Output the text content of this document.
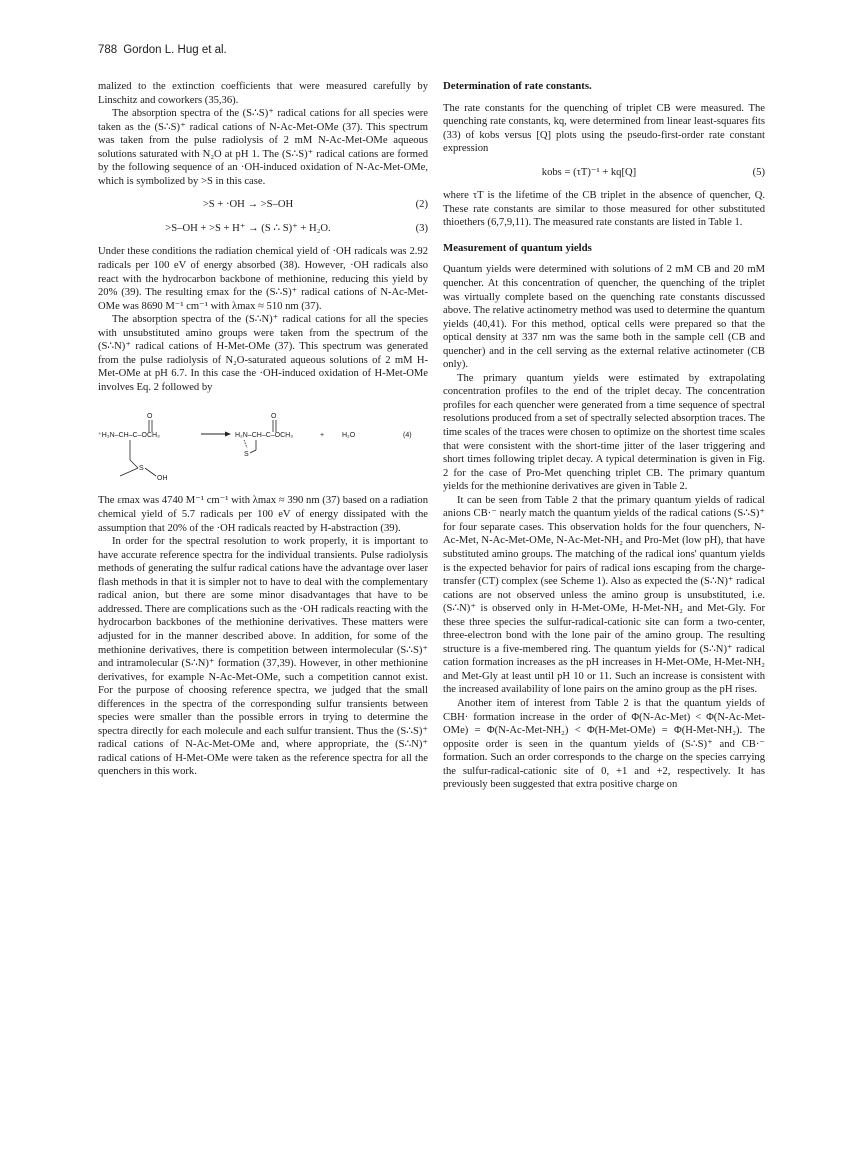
788 Gordon L. Hug et al.

malized to the extinction coefficients that were measured carefully by Linschitz and coworkers (35,36).

The absorption spectra of the (S∴S)⁺ radical cations for all species were taken as the (S∴S)⁺ radical cations of N-Ac-Met-OMe (37). This spectrum was taken from the pulse radiolysis of 2 mM N-Ac-Met-OMe aqueous solutions saturated with N₂O at pH 1. The (S∴S)⁺ radical cations are formed by the following sequence of an ·OH-induced oxidation of N-Ac-Met-OMe, which is symbolized by >S in this case.

>S + ·OH → >S–OH	(2)
>S–OH + >S + H⁺ → (S ∴ S)⁺ + H₂O.	(3)

Under these conditions the radiation chemical yield of ·OH radicals was 2.92 radicals per 100 eV of energy absorbed (38). However, ·OH radicals also react with the hydrocarbon backbone of methionine, reducing this yield by 20% (39). The resulting εmax for the (S∴S)⁺ radical cations of N-Ac-Met-OMe was 8690 M⁻¹ cm⁻¹ with λmax ≈ 510 nm (37).

The absorption spectra of the (S∴N)⁺ radical cations for all the species with unsubstituted amino groups were taken from the spectrum of the (S∴N)⁺ radical cations of H-Met-OMe (37). This spectrum was generated from the pulse radiolysis of N₂O-saturated aqueous solutions of 2 mM H-Met-OMe at pH 6.7. In this case the ·OH-induced oxidation of H-Met-OMe involves Eq. 2 followed by

⁺H₃N–CH–C–OCH₃
O
S
OH
H₂N–CH–C–OCH₃
O
S
+	H₂O	(4)

The εmax was 4740 M⁻¹ cm⁻¹ with λmax ≈ 390 nm (37) based on a radiation chemical yield of 5.7 radicals per 100 eV of energy dissipated with the assumption that 20% of the ·OH radicals reacted by H-abstraction (39).

In order for the spectral resolution to work properly, it is important to have accurate reference spectra for the individual transients. Pulse radiolysis methods of generating the sulfur radical cations have the advantage over laser flash methods in that it is simpler not to have to deal with the complementary radical anion, but there are some minor disadvantages that have to be addressed. There are complications such as the ·OH radicals reacting with the hydrocarbon backbones of the methionine derivatives. These matters were adjusted for in the manner described above. In addition, for some of the methionine derivatives, there is competition between intermolecular (S∴S)⁺ and intramolecular (S∴N)⁺ formation (37,39). However, in other methionine derivatives, for example N-Ac-Met-OMe, such a competition cannot exist. For the purpose of choosing reference spectra, we judged that the small differences in the spectra of the corresponding sulfur transients between species were smaller than the possible errors in trying to determine the spectra directly for each molecule and each sulfur transient. Thus the (S∴S)⁺ radical cations of N-Ac-Met-OMe and, where appropriate, the (S∴N)⁺ radical cations of H-Met-OMe were taken as the reference spectra for all the quenchers in this work.

Determination of rate constants.

The rate constants for the quenching of triplet CB were measured. The quenching rate constants, kq, were determined from linear least-squares fits (33) of kobs versus [Q] plots using the pseudo-first-order rate constant expression

kobs = (τT)⁻¹ + kq[Q]	(5)

where τT is the lifetime of the CB triplet in the absence of quencher, Q. These rate constants are similar to those measured for other substituted thioethers (6,7,9,11). The measured rate constants are listed in Table 1.

Measurement of quantum yields

Quantum yields were determined with solutions of 2 mM CB and 20 mM quencher. At this concentration of quencher, the quenching of the triplet was virtually complete based on the quenching rate constants discussed above. The relative actinometry method was used to determine the quantum yields (40,41). For this method, optical cells were prepared so that the optical density at 337 nm was the same both in the sample cell (CB and quencher) and in the cell serving as the external relative actinometer (CB only).

The primary quantum yields were estimated by extrapolating concentration profiles to the end of the triplet decay. The concentration profiles for each quencher were generated from a time sequence of spectral resolutions produced from a set of spectrally selected absorption traces. The time scales of the traces were chosen to optimize on the shortest time scales that were consistent with the short-time jitter of the laser triggering and short times following triplet decay. A typical determination is given in Fig. 2 for the case of Pro-Met quenching triplet CB. The primary quantum yields for the methionine derivatives are given in Table 2.

It can be seen from Table 2 that the primary quantum yields of radical anions CB·⁻ nearly match the quantum yields of the radical cations (S∴S)⁺ for four separate cases. This observation holds for the four quenchers, N-Ac-Met, N-Ac-Met-OMe, N-Ac-Met-NH₂ and Pro-Met (low pH), that have substituted amino groups. The matching of the radical ions' quantum yields is the expected behavior for pairs of radical ions escaping from the charge-transfer (CT) complex (see Scheme 1). Also as expected the (S∴N)⁺ radical cations are not observed unless the amino group is unsubstituted, i.e. (S∴N)⁺ is observed only in H-Met-OMe, H-Met-NH₂ and Met-Gly. For these three species the sulfur-radical-cationic site can form a two-center, three-electron bond with the lone pair of the amino group. The resulting structure is a five-membered ring. The quantum yields for (S∴N)⁺ radical cation formation increases as the pH increases in H-Met-OMe, H-Met-NH₂ and Met-Gly at least until pH 10 or 11. Such an increase is consistent with the increased availability of lone pairs on the amino group as the pH rises.

Another item of interest from Table 2 is that the quantum yields of CBH· formation increase in the order of Φ(N-Ac-Met) < Φ(N-Ac-Met-OMe) = Φ(N-Ac-Met-NH₂) < Φ(H-Met-OMe) = Φ(H-Met-NH₂). The opposite order is seen in the quantum yields of (S∴S)⁺ and CB·⁻ formation. Such an order corresponds to the charge on the species carrying the sulfur-radical-cationic site of 0, +1 and +2, respectively. It has previously been suggested that extra positive charge on
